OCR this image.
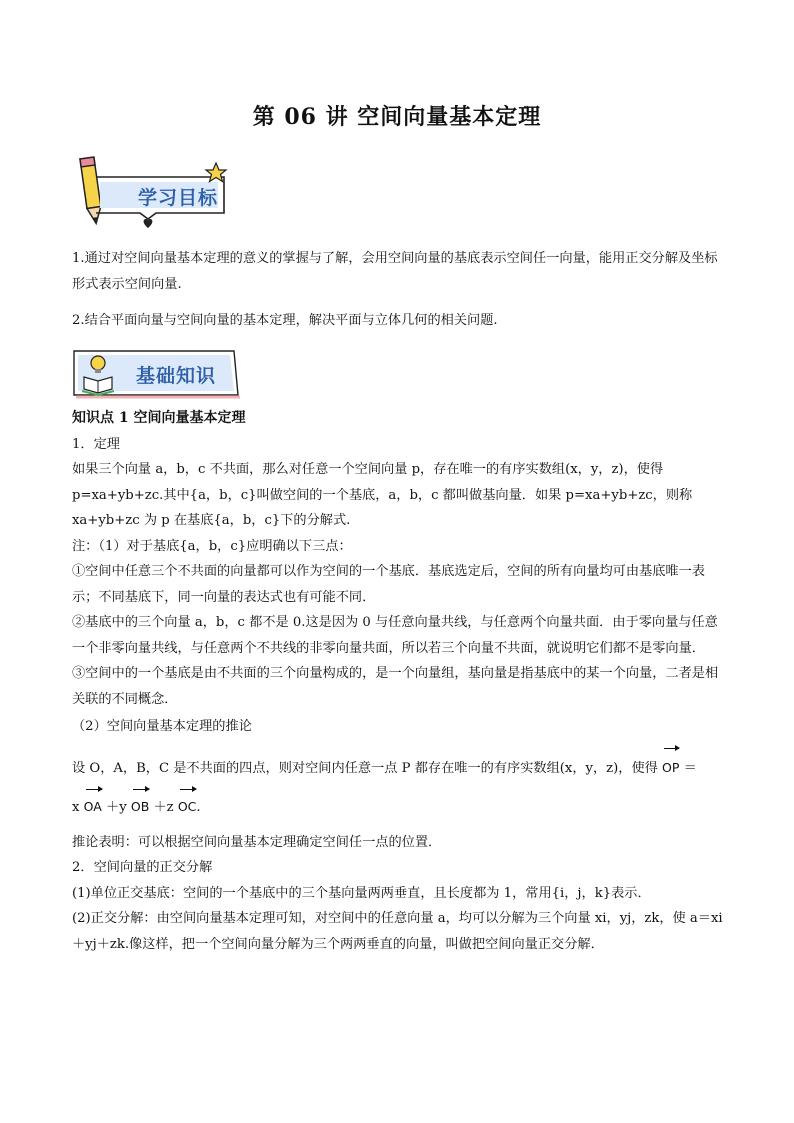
第 06 讲 空间向量基本定理
学习目标
1.通过对空间向量基本定理的意义的掌握与了解，会用空间向量的基底表示空间任一向量，能用正交分解及坐标形式表示空间向量.
2.结合平面向量与空间向量的基本定理，解决平面与立体几何的相关问题.
基础知识
知识点 1 空间向量基本定理
1．定理
如果三个向量 a，b，c 不共面，那么对任意一个空间向量 p，存在唯一的有序实数组(x，y，z)，使得 p=xa+yb+zc.其中{a，b，c}叫做空间的一个基底，a，b，c 都叫做基向量．如果 p=xa+yb+zc，则称 xa+yb+zc 为 p 在基底{a，b，c}下的分解式.
注：（1）对于基底{a，b，c}应明确以下三点：
①空间中任意三个不共面的向量都可以作为空间的一个基底．基底选定后，空间的所有向量均可由基底唯一表示；不同基底下，同一向量的表达式也有可能不同．
②基底中的三个向量 a，b，c 都不是 0.这是因为 0 与任意向量共线，与任意两个向量共面．由于零向量与任意一个非零向量共线，与任意两个不共线的非零向量共面，所以若三个向量不共面，就说明它们都不是零向量．
③空间中的一个基底是由不共面的三个向量构成的，是一个向量组，基向量是指基底中的某一个向量，二者是相关联的不同概念．
（2）空间向量基本定理的推论
设 O，A，B，C 是不共面的四点，则对空间内任意一点 P 都存在唯一的有序实数组(x，y，z)，使得 OP ＝
x OA ＋y OB ＋z OC.
推论表明：可以根据空间向量基本定理确定空间任一点的位置．
2．空间向量的正交分解
(1)单位正交基底：空间的一个基底中的三个基向量两两垂直，且长度都为 1，常用{i，j，k}表示．
(2)正交分解：由空间向量基本定理可知，对空间中的任意向量 a，均可以分解为三个向量 xi，yj，zk，使 a＝xi＋yj＋zk.像这样，把一个空间向量分解为三个两两垂直的向量，叫做把空间向量正交分解．
